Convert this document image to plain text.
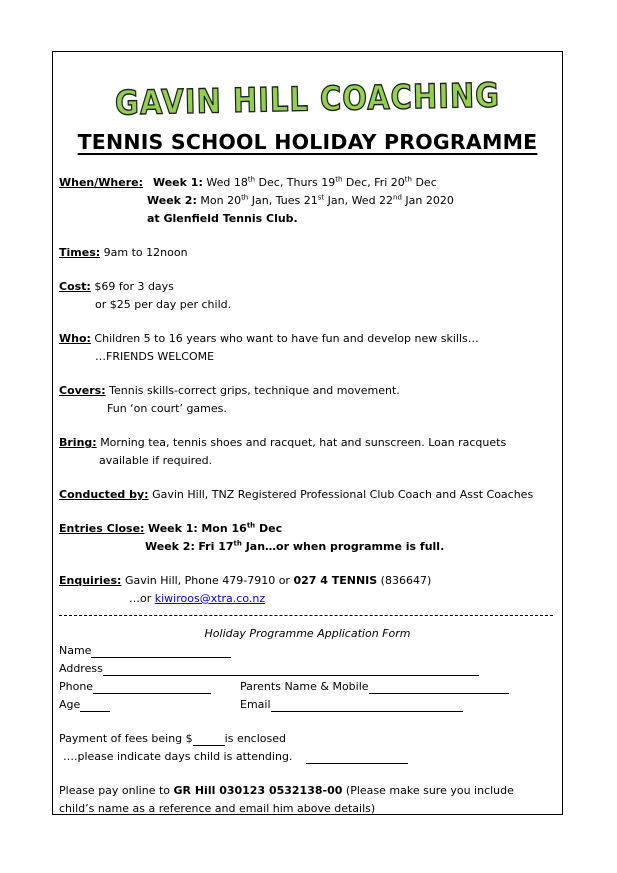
GAVIN HILL COACHING
TENNIS SCHOOL HOLIDAY PROGRAMME
When/Where: Week 1: Wed 18th Dec, Thurs 19th Dec, Fri 20th Dec
Week 2: Mon 20th Jan, Tues 21st Jan, Wed 22nd Jan 2020
at Glenfield Tennis Club.
Times: 9am to 12noon
Cost: $69 for 3 days
or $25 per day per child.
Who: Children 5 to 16 years who want to have fun and develop new skills…
…FRIENDS WELCOME
Covers: Tennis skills-correct grips, technique and movement.
Fun ‘on court’ games.
Bring: Morning tea, tennis shoes and racquet, hat and sunscreen. Loan racquets
available if required.
Conducted by: Gavin Hill, TNZ Registered Professional Club Coach and Asst Coaches
Entries Close: Week 1: Mon 16th Dec
Week 2: Fri 17th Jan…or when programme is full.
Enquiries: Gavin Hill, Phone 479-7910 or 027 4 TENNIS (836647)
…or kiwiroos@xtra.co.nz
Holiday Programme Application Form
Name
Address
Phone	Parents Name & Mobile
Age	Email
Payment of fees being $	is enclosed
….please indicate days child is attending.
Please pay online to GR Hill 030123 0532138-00 (Please make sure you include
child’s name as a reference and email him above details)
